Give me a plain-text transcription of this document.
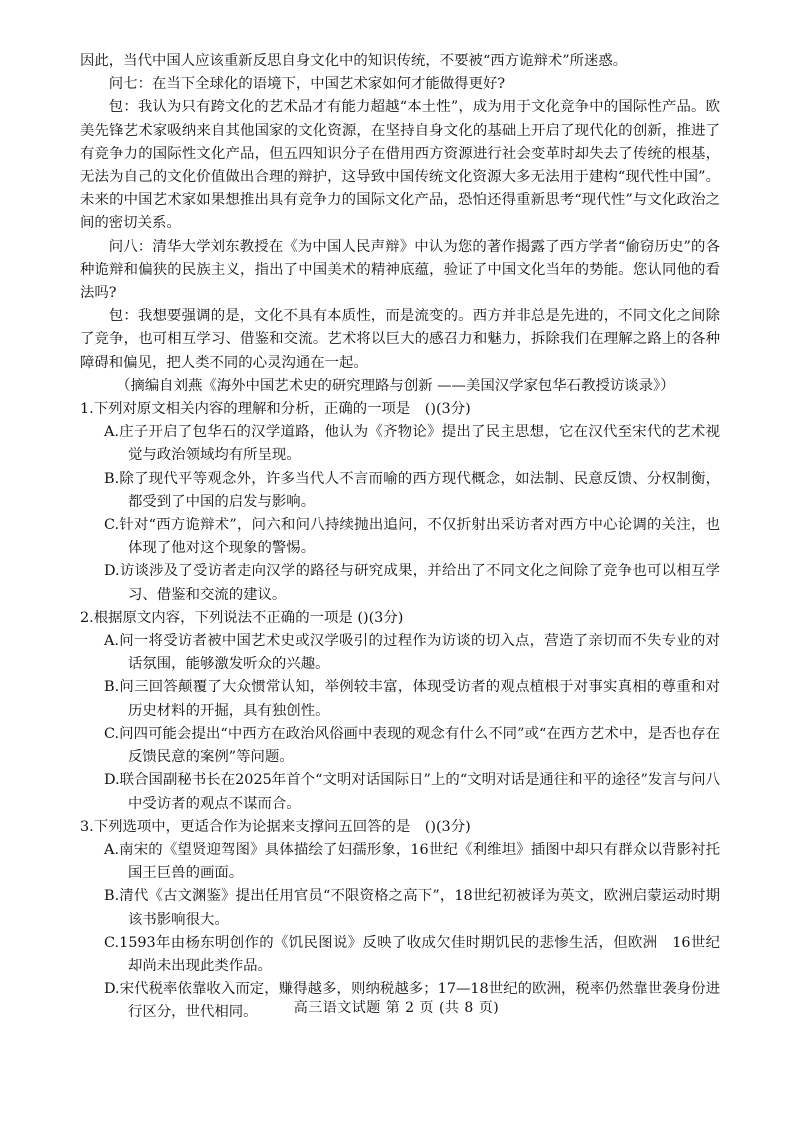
因此，当代中国人应该重新反思自身文化中的知识传统，不要被“西方诡辩术”所迷惑。

问七：在当下全球化的语境下，中国艺术家如何才能做得更好?

包：我认为只有跨文化的艺术品才有能力超越“本土性”，成为用于文化竞争中的国际性产品。欧美先锋艺术家吸纳来自其他国家的文化资源，在坚持自身文化的基础上开启了现代化的创新，推进了有竞争力的国际性文化产品，但五四知识分子在借用西方资源进行社会变革时却失去了传统的根基，无法为自己的文化价值做出合理的辩护，这导致中国传统文化资源大多无法用于建构“现代性中国”。未来的中国艺术家如果想推出具有竞争力的国际文化产品，恐怕还得重新思考“现代性”与文化政治之间的密切关系。

问八：清华大学刘东教授在《为中国人民声辩》中认为您的著作揭露了西方学者“偷窃历史”的各种诡辩和偏狭的民族主义，指出了中国美术的精神底蕴，验证了中国文化当年的势能。您认同他的看法吗?

包：我想要强调的是，文化不具有本质性，而是流变的。西方并非总是先进的，不同文化之间除了竞争，也可相互学习、借鉴和交流。艺术将以巨大的感召力和魅力，拆除我们在理解之路上的各种障碍和偏见，把人类不同的心灵沟通在一起。

（摘编自刘燕《海外中国艺术史的研究理路与创新 ——美国汉学家包华石教授访谈录》）

1.下列对原文相关内容的理解和分析，正确的一项是　()(3分)

A.庄子开启了包华石的汉学道路，他认为《齐物论》提出了民主思想，它在汉代至宋代的艺术视觉与政治领域均有所呈现。

B.除了现代平等观念外，许多当代人不言而喻的西方现代概念，如法制、民意反馈、分权制衡，都受到了中国的启发与影响。

C.针对“西方诡辩术”，问六和问八持续抛出追问，不仅折射出采访者对西方中心论调的关注，也体现了他对这个现象的警惕。

D.访谈涉及了受访者走向汉学的路径与研究成果，并给出了不同文化之间除了竞争也可以相互学习、借鉴和交流的建议。

2.根据原文内容，下列说法不正确的一项是 ()(3分)

A.问一将受访者被中国艺术史或汉学吸引的过程作为访谈的切入点，营造了亲切而不失专业的对话氛围，能够激发听众的兴趣。

B.问三回答颠覆了大众惯常认知，举例较丰富，体现受访者的观点植根于对事实真相的尊重和对历史材料的开掘，具有独创性。

C.问四可能会提出“中西方在政治风俗画中表现的观念有什么不同”或“在西方艺术中，是否也存在反馈民意的案例”等问题。

D.联合国副秘书长在2025年首个“文明对话国际日”上的“文明对话是通往和平的途径”发言与问八中受访者的观点不谋而合。

3.下列选项中，更适合作为论据来支撑问五回答的是　()(3分)

A.南宋的《望贤迎驾图》具体描绘了妇孺形象，16世纪《利维坦》插图中却只有群众以背影衬托国王巨兽的画面。

B.清代《古文渊鉴》提出任用官员“不限资格之高下”，18世纪初被译为英文，欧洲启蒙运动时期该书影响很大。

C.1593年由杨东明创作的《饥民图说》反映了收成欠佳时期饥民的悲惨生活，但欧洲　16世纪却尚未出现此类作品。

D.宋代税率依靠收入而定，赚得越多，则纳税越多；17—18世纪的欧洲，税率仍然靠世袭身份进行区分，世代相同。	高三语文试题 第 2 页 (共 8 页)
